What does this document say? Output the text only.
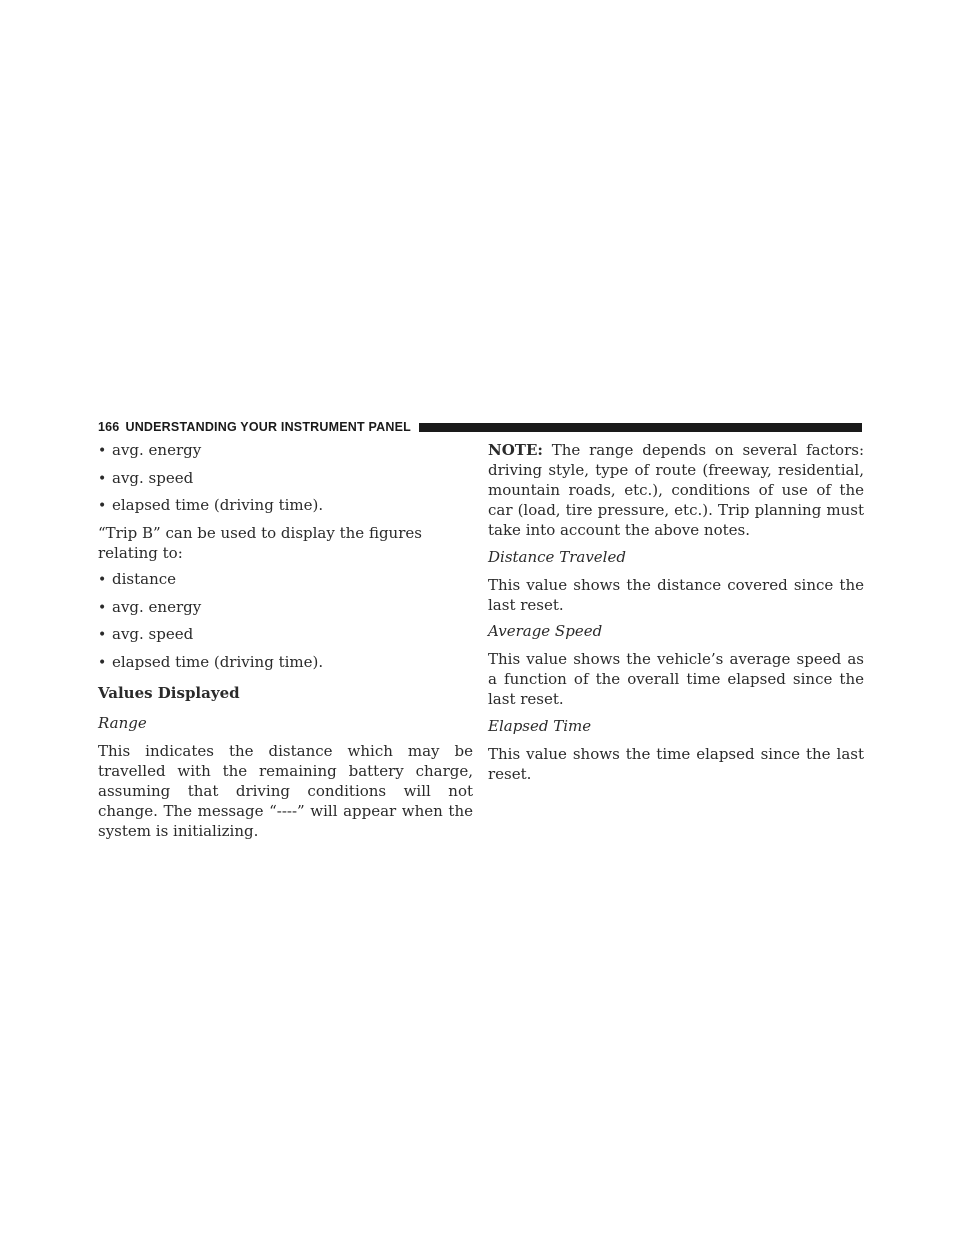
166 UNDERSTANDING YOUR INSTRUMENT PANEL
• avg. energy
• avg. speed
• elapsed time (driving time).

“Trip B” can be used to display the figures relating to:

• distance
• avg. energy
• avg. speed
• elapsed time (driving time).
Values Displayed
Range

This indicates the distance which may be travelled with the remaining battery charge, assuming that driving conditions will not change. The message “----” will appear when the system is initializing.

NOTE: The range depends on several factors: driving style, type of route (freeway, residential, mountain roads, etc.), conditions of use of the car (load, tire pressure, etc.). Trip planning must take into account the above notes.

Distance Traveled

This value shows the distance covered since the last reset.

Average Speed

This value shows the vehicle’s average speed as a function of the overall time elapsed since the last reset.

Elapsed Time

This value shows the time elapsed since the last reset.
